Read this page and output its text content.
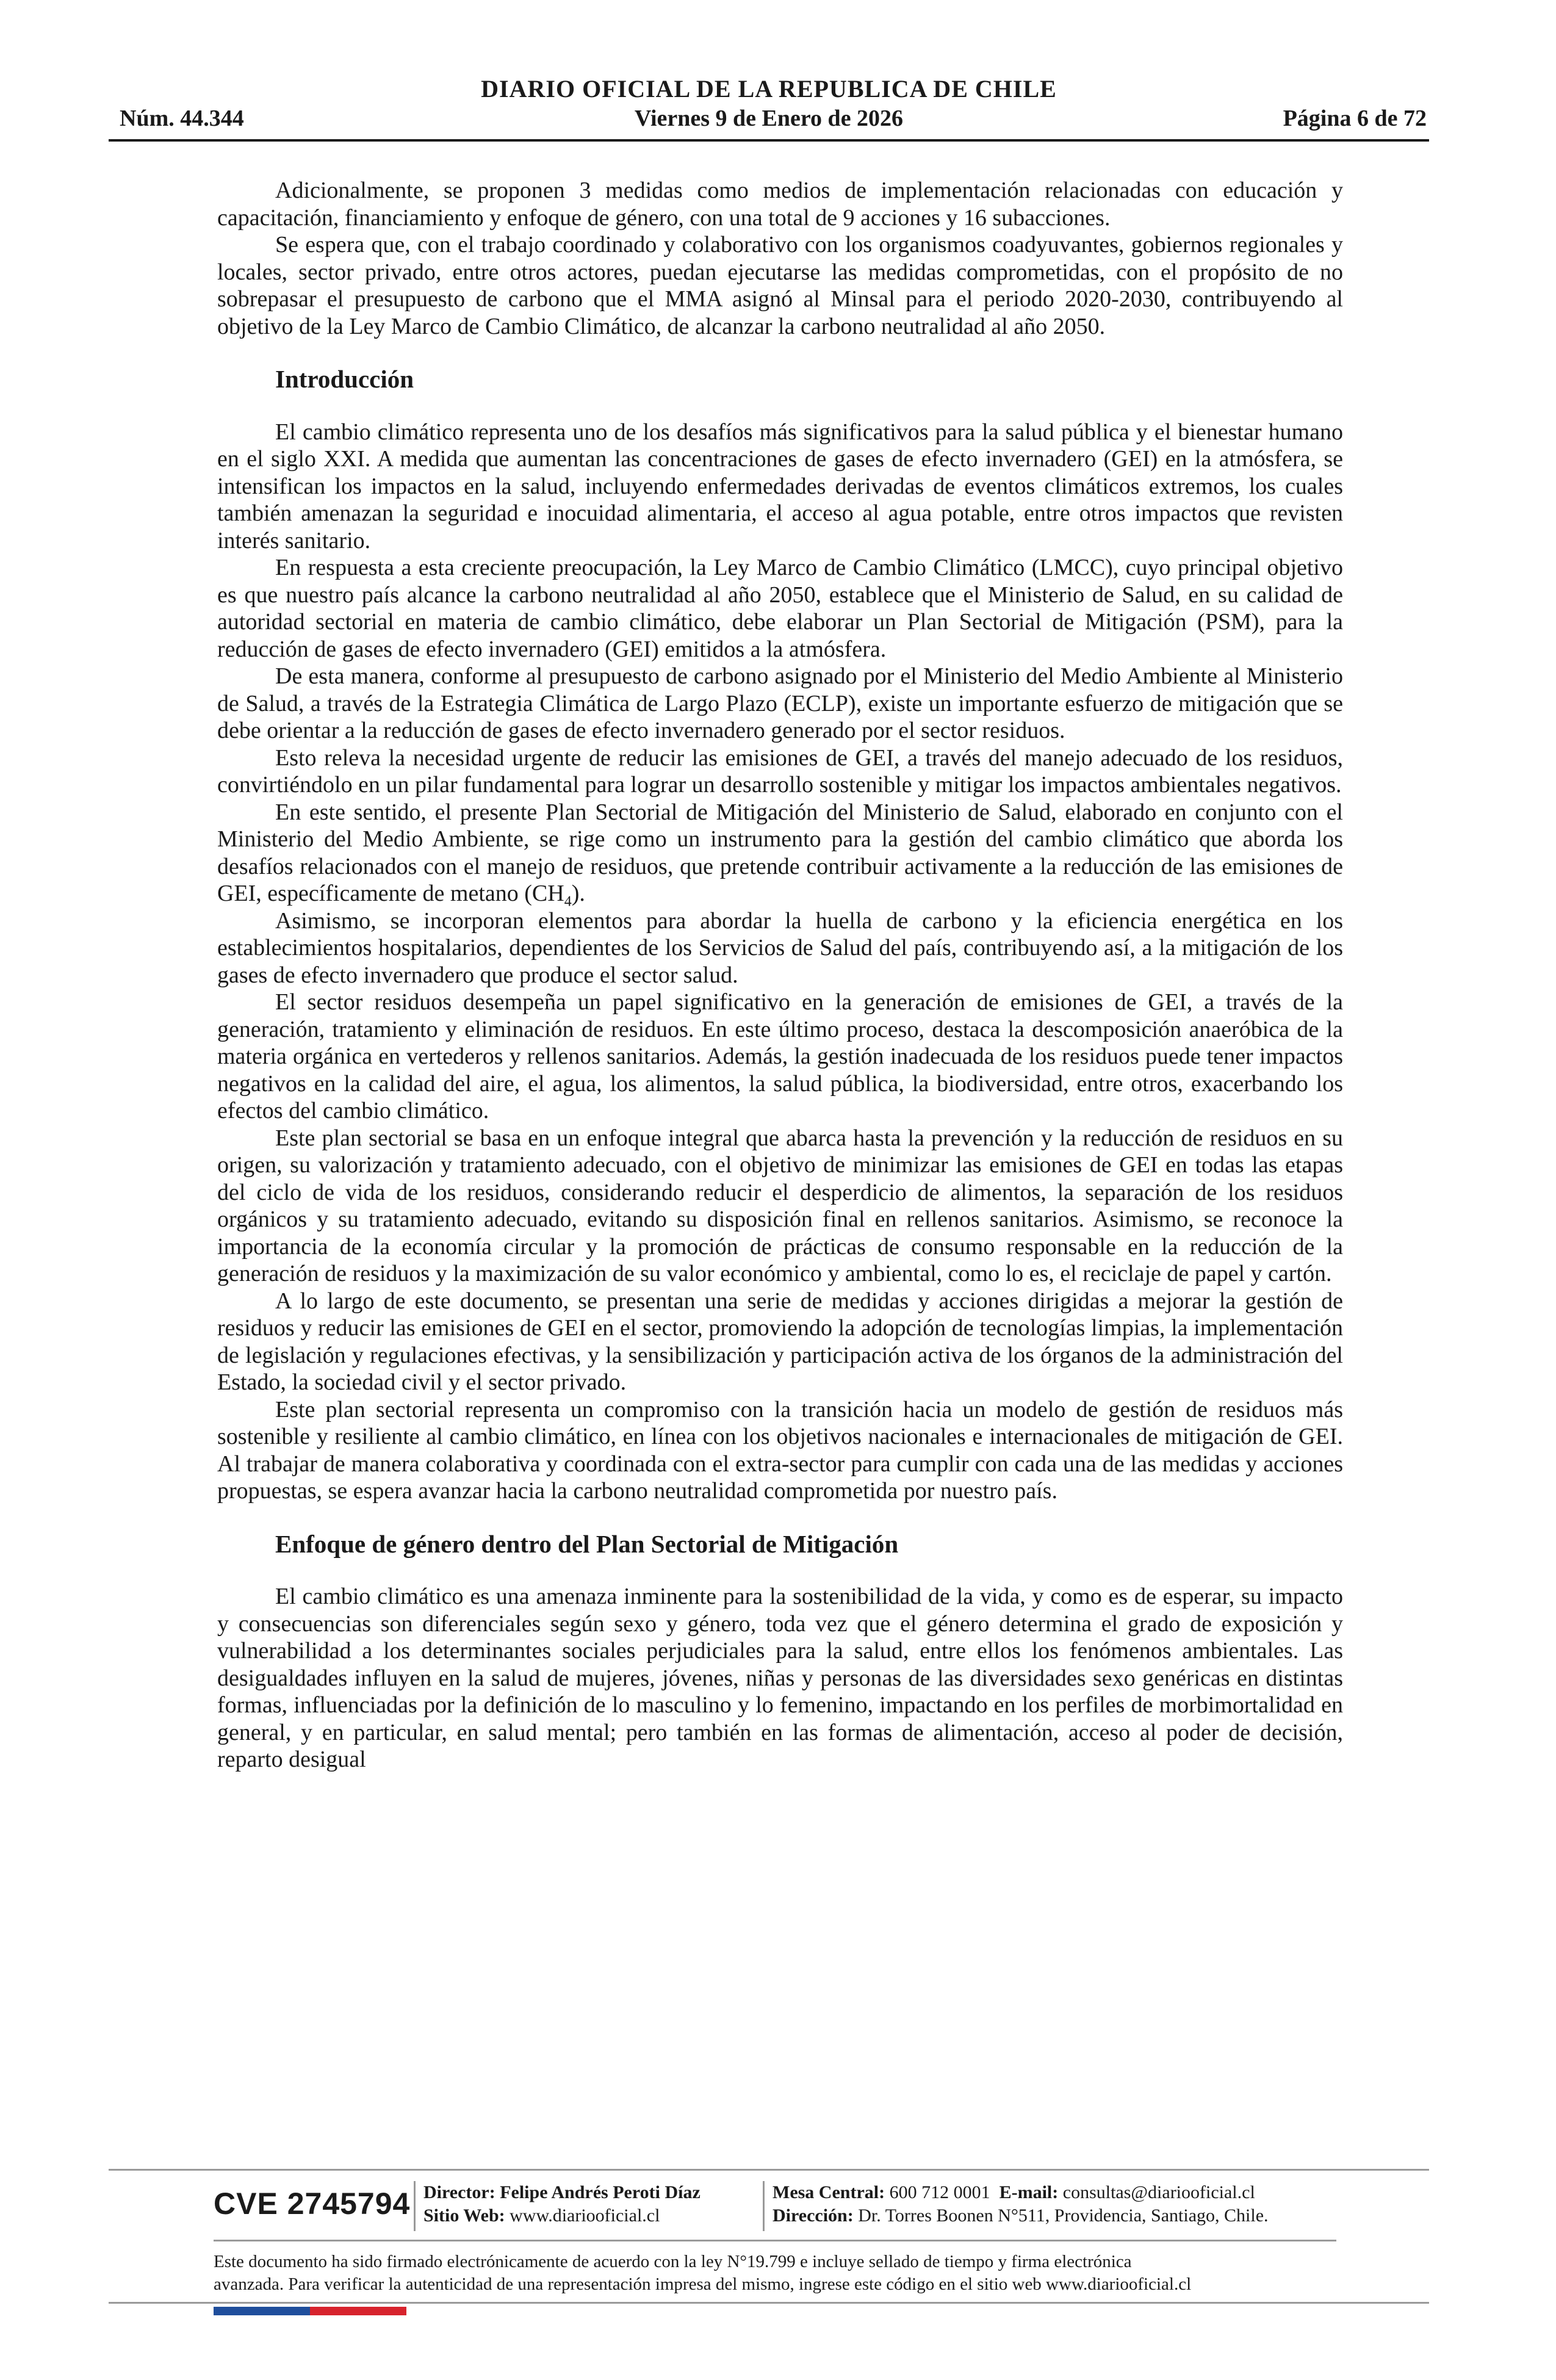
DIARIO OFICIAL DE LA REPUBLICA DE CHILE
Núm. 44.344	Viernes 9 de Enero de 2026	Página 6 de 72

Adicionalmente, se proponen 3 medidas como medios de implementación relacionadas con educación y capacitación, financiamiento y enfoque de género, con una total de 9 acciones y 16 subacciones.

Se espera que, con el trabajo coordinado y colaborativo con los organismos coadyuvantes, gobiernos regionales y locales, sector privado, entre otros actores, puedan ejecutarse las medidas comprometidas, con el propósito de no sobrepasar el presupuesto de carbono que el MMA asignó al Minsal para el periodo 2020-2030, contribuyendo al objetivo de la Ley Marco de Cambio Climático, de alcanzar la carbono neutralidad al año 2050.

Introducción

El cambio climático representa uno de los desafíos más significativos para la salud pública y el bienestar humano en el siglo XXI. A medida que aumentan las concentraciones de gases de efecto invernadero (GEI) en la atmósfera, se intensifican los impactos en la salud, incluyendo enfermedades derivadas de eventos climáticos extremos, los cuales también amenazan la seguridad e inocuidad alimentaria, el acceso al agua potable, entre otros impactos que revisten interés sanitario.

En respuesta a esta creciente preocupación, la Ley Marco de Cambio Climático (LMCC), cuyo principal objetivo es que nuestro país alcance la carbono neutralidad al año 2050, establece que el Ministerio de Salud, en su calidad de autoridad sectorial en materia de cambio climático, debe elaborar un Plan Sectorial de Mitigación (PSM), para la reducción de gases de efecto invernadero (GEI) emitidos a la atmósfera.

De esta manera, conforme al presupuesto de carbono asignado por el Ministerio del Medio Ambiente al Ministerio de Salud, a través de la Estrategia Climática de Largo Plazo (ECLP), existe un importante esfuerzo de mitigación que se debe orientar a la reducción de gases de efecto invernadero generado por el sector residuos.

Esto releva la necesidad urgente de reducir las emisiones de GEI, a través del manejo adecuado de los residuos, convirtiéndolo en un pilar fundamental para lograr un desarrollo sostenible y mitigar los impactos ambientales negativos.

En este sentido, el presente Plan Sectorial de Mitigación del Ministerio de Salud, elaborado en conjunto con el Ministerio del Medio Ambiente, se rige como un instrumento para la gestión del cambio climático que aborda los desafíos relacionados con el manejo de residuos, que pretende contribuir activamente a la reducción de las emisiones de GEI, específicamente de metano $(CH_4)$.

Asimismo, se incorporan elementos para abordar la huella de carbono y la eficiencia energética en los establecimientos hospitalarios, dependientes de los Servicios de Salud del país, contribuyendo así, a la mitigación de los gases de efecto invernadero que produce el sector salud.

El sector residuos desempeña un papel significativo en la generación de emisiones de GEI, a través de la generación, tratamiento y eliminación de residuos. En este último proceso, destaca la descomposición anaeróbica de la materia orgánica en vertederos y rellenos sanitarios. Además, la gestión inadecuada de los residuos puede tener impactos negativos en la calidad del aire, el agua, los alimentos, la salud pública, la biodiversidad, entre otros, exacerbando los efectos del cambio climático.

Este plan sectorial se basa en un enfoque integral que abarca hasta la prevención y la reducción de residuos en su origen, su valorización y tratamiento adecuado, con el objetivo de minimizar las emisiones de GEI en todas las etapas del ciclo de vida de los residuos, considerando reducir el desperdicio de alimentos, la separación de los residuos orgánicos y su tratamiento adecuado, evitando su disposición final en rellenos sanitarios. Asimismo, se reconoce la importancia de la economía circular y la promoción de prácticas de consumo responsable en la reducción de la generación de residuos y la maximización de su valor económico y ambiental, como lo es, el reciclaje de papel y cartón.

A lo largo de este documento, se presentan una serie de medidas y acciones dirigidas a mejorar la gestión de residuos y reducir las emisiones de GEI en el sector, promoviendo la adopción de tecnologías limpias, la implementación de legislación y regulaciones efectivas, y la sensibilización y participación activa de los órganos de la administración del Estado, la sociedad civil y el sector privado.

Este plan sectorial representa un compromiso con la transición hacia un modelo de gestión de residuos más sostenible y resiliente al cambio climático, en línea con los objetivos nacionales e internacionales de mitigación de GEI. Al trabajar de manera colaborativa y coordinada con el extra-sector para cumplir con cada una de las medidas y acciones propuestas, se espera avanzar hacia la carbono neutralidad comprometida por nuestro país.

Enfoque de género dentro del Plan Sectorial de Mitigación

El cambio climático es una amenaza inminente para la sostenibilidad de la vida, y como es de esperar, su impacto y consecuencias son diferenciales según sexo y género, toda vez que el género determina el grado de exposición y vulnerabilidad a los determinantes sociales perjudiciales para la salud, entre ellos los fenómenos ambientales. Las desigualdades influyen en la salud de mujeres, jóvenes, niñas y personas de las diversidades sexo genéricas en distintas formas, influenciadas por la definición de lo masculino y lo femenino, impactando en los perfiles de morbimortalidad en general, y en particular, en salud mental; pero también en las formas de alimentación, acceso al poder de decisión, reparto desigual

CVE 2745794 Director: Felipe Andrés Peroti Díaz
Sitio Web: www.diariooficial.cl
Mesa Central: 600 712 0001 E-mail: consultas@diariooficial.cl
Dirección: Dr. Torres Boonen N°511, Providencia, Santiago, Chile.
Este documento ha sido firmado electrónicamente de acuerdo con la ley N°19.799 e incluye sellado de tiempo y firma electrónica
avanzada. Para verificar la autenticidad de una representación impresa del mismo, ingrese este código en el sitio web www.diariooficial.cl
